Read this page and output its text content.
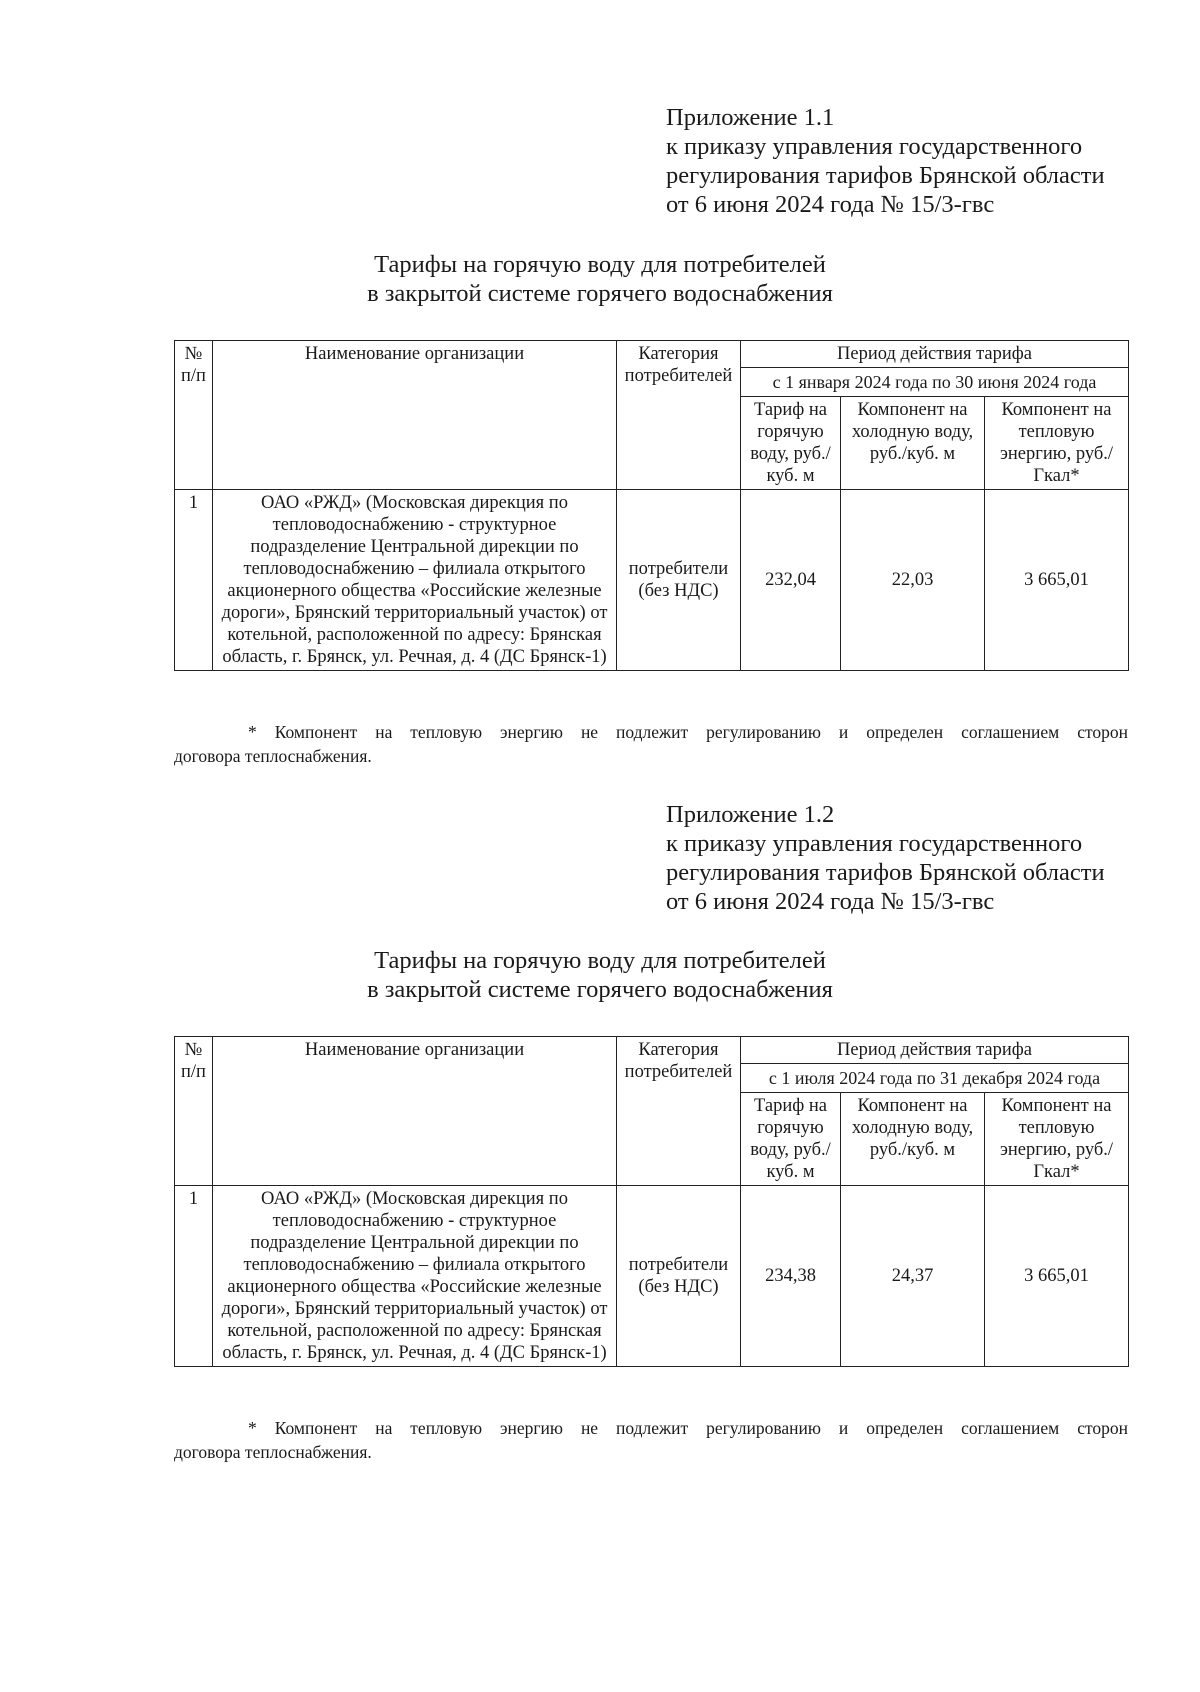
Приложение 1.1
к приказу управления государственного
регулирования тарифов Брянской области
от 6 июня 2024 года № 15/3-гвс
Тарифы на горячую воду для потребителей
в закрытой системе горячего водоснабжения
№ п/п	Наименование организации	Категория потребителей	Период действия тарифа		
			с 1 января 2024 года по 30 июня 2024 года		
			Тариф на горячую воду, руб./куб. м	Компонент на холодную воду, руб./куб. м	Компонент на тепловую энергию, руб./Гкал*
1	ОАО «РЖД» (Московская дирекция по тепловодоснабжению - структурное подразделение Центральной дирекции по тепловодоснабжению – филиала открытого акционерного общества «Российские железные дороги», Брянский территориальный участок) от котельной, расположенной по адресу: Брянская область, г. Брянск, ул. Речная, д. 4 (ДС Брянск-1)	потребители (без НДС)	232,04	22,03	3 665,01
* Компонент на тепловую энергию не подлежит регулированию и определен соглашением сторон
договора теплоснабжения.
Приложение 1.2
к приказу управления государственного
регулирования тарифов Брянской области
от 6 июня 2024 года № 15/3-гвс
Тарифы на горячую воду для потребителей
в закрытой системе горячего водоснабжения
№ п/п	Наименование организации	Категория потребителей	Период действия тарифа		
			с 1 июля 2024 года по 31 декабря 2024 года		
			Тариф на горячую воду, руб./куб. м	Компонент на холодную воду, руб./куб. м	Компонент на тепловую энергию, руб./Гкал*
1	ОАО «РЖД» (Московская дирекция по тепловодоснабжению - структурное подразделение Центральной дирекции по тепловодоснабжению – филиала открытого акционерного общества «Российские железные дороги», Брянский территориальный участок) от котельной, расположенной по адресу: Брянская область, г. Брянск, ул. Речная, д. 4 (ДС Брянск-1)	потребители (без НДС)	234,38	24,37	3 665,01
* Компонент на тепловую энергию не подлежит регулированию и определен соглашением сторон
договора теплоснабжения.
